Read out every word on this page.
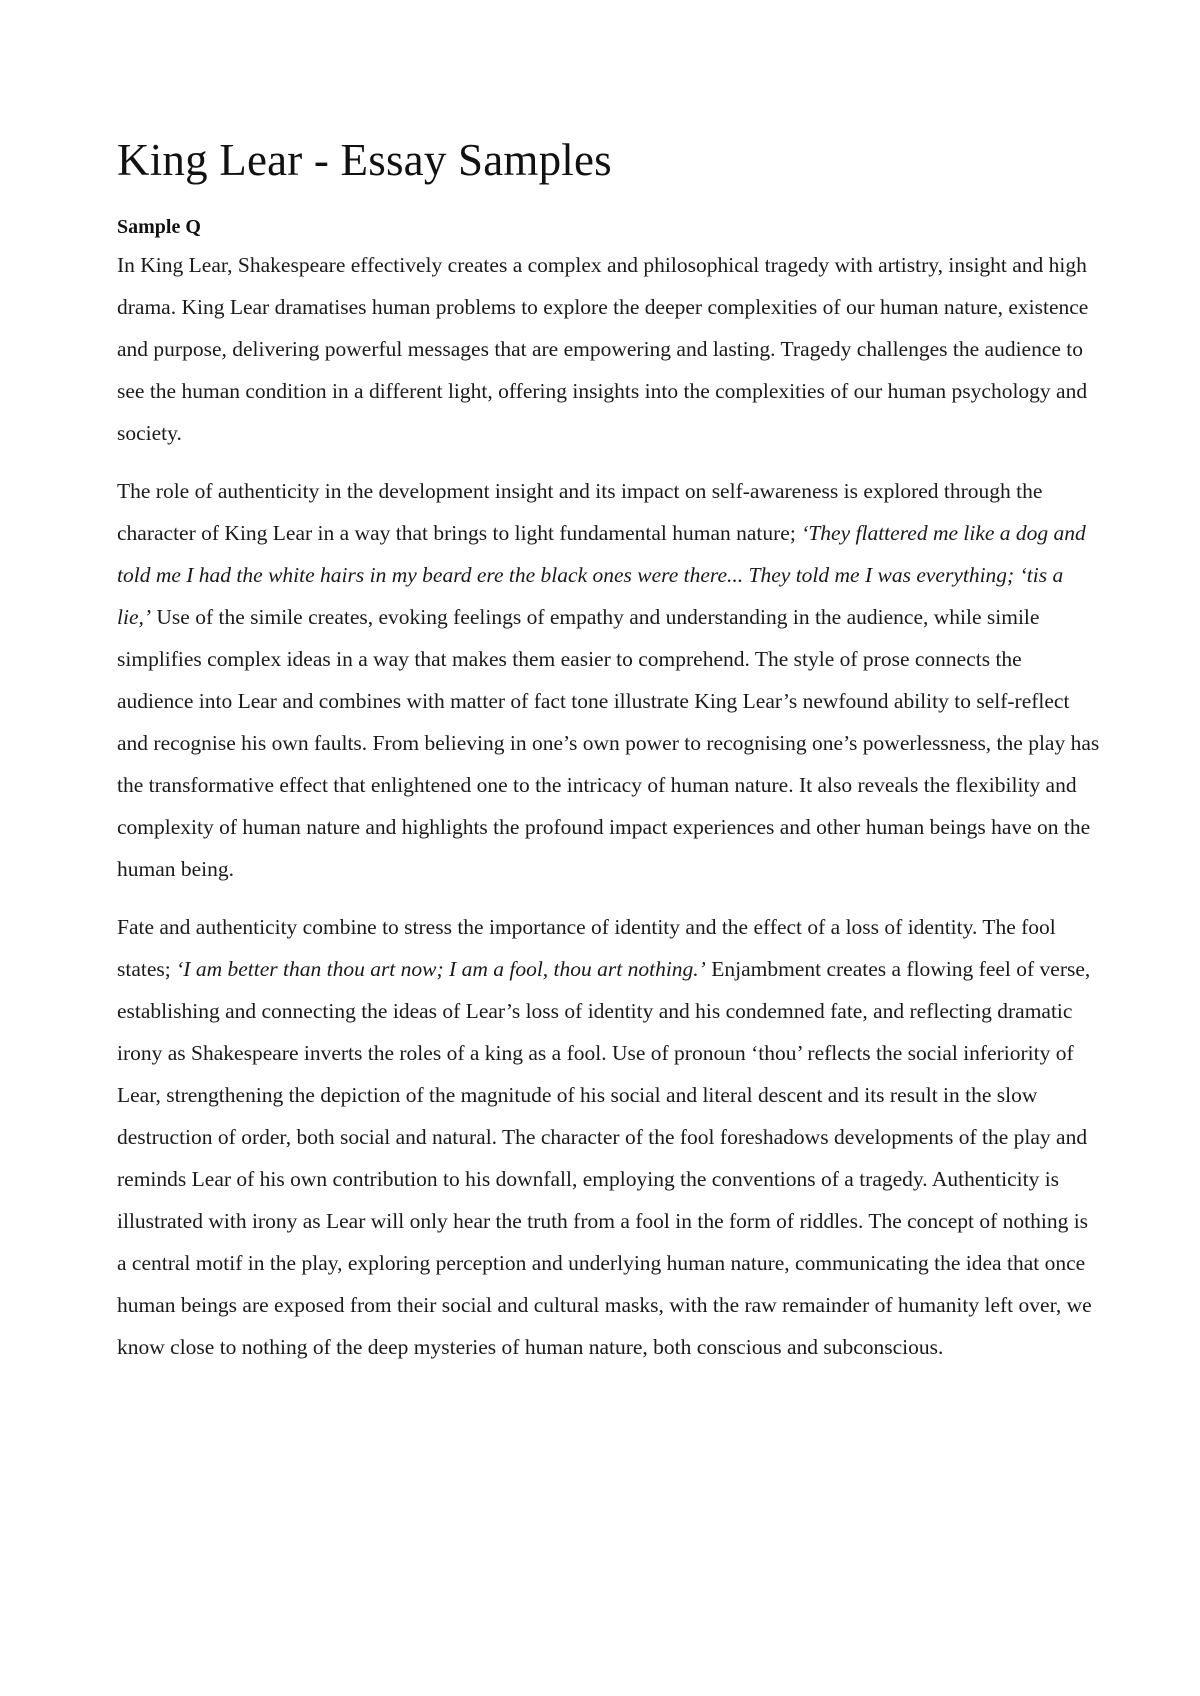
King Lear - Essay Samples
Sample Q

In King Lear, Shakespeare effectively creates a complex and philosophical tragedy with artistry, insight and high drama. King Lear dramatises human problems to explore the deeper complexities of our human nature, existence and purpose, delivering powerful messages that are empowering and lasting. Tragedy challenges the audience to see the human condition in a different light, offering insights into the complexities of our human psychology and society.

The role of authenticity in the development insight and its impact on self-awareness is explored through the character of King Lear in a way that brings to light fundamental human nature; ‘They flattered me like a dog and told me I had the white hairs in my beard ere the black ones were there... They told me I was everything; ‘tis a lie,’ Use of the simile creates, evoking feelings of empathy and understanding in the audience, while simile simplifies complex ideas in a way that makes them easier to comprehend. The style of prose connects the audience into Lear and combines with matter of fact tone illustrate King Lear’s newfound ability to self-reflect and recognise his own faults. From believing in one’s own power to recognising one’s powerlessness, the play has the transformative effect that enlightened one to the intricacy of human nature. It also reveals the flexibility and complexity of human nature and highlights the profound impact experiences and other human beings have on the human being.

Fate and authenticity combine to stress the importance of identity and the effect of a loss of identity. The fool states; ‘I am better than thou art now; I am a fool, thou art nothing.’ Enjambment creates a flowing feel of verse, establishing and connecting the ideas of Lear’s loss of identity and his condemned fate, and reflecting dramatic irony as Shakespeare inverts the roles of a king as a fool. Use of pronoun ‘thou’ reflects the social inferiority of Lear, strengthening the depiction of the magnitude of his social and literal descent and its result in the slow destruction of order, both social and natural. The character of the fool foreshadows developments of the play and reminds Lear of his own contribution to his downfall, employing the conventions of a tragedy. Authenticity is illustrated with irony as Lear will only hear the truth from a fool in the form of riddles. The concept of nothing is a central motif in the play, exploring perception and underlying human nature, communicating the idea that once human beings are exposed from their social and cultural masks, with the raw remainder of humanity left over, we know close to nothing of the deep mysteries of human nature, both conscious and subconscious.
